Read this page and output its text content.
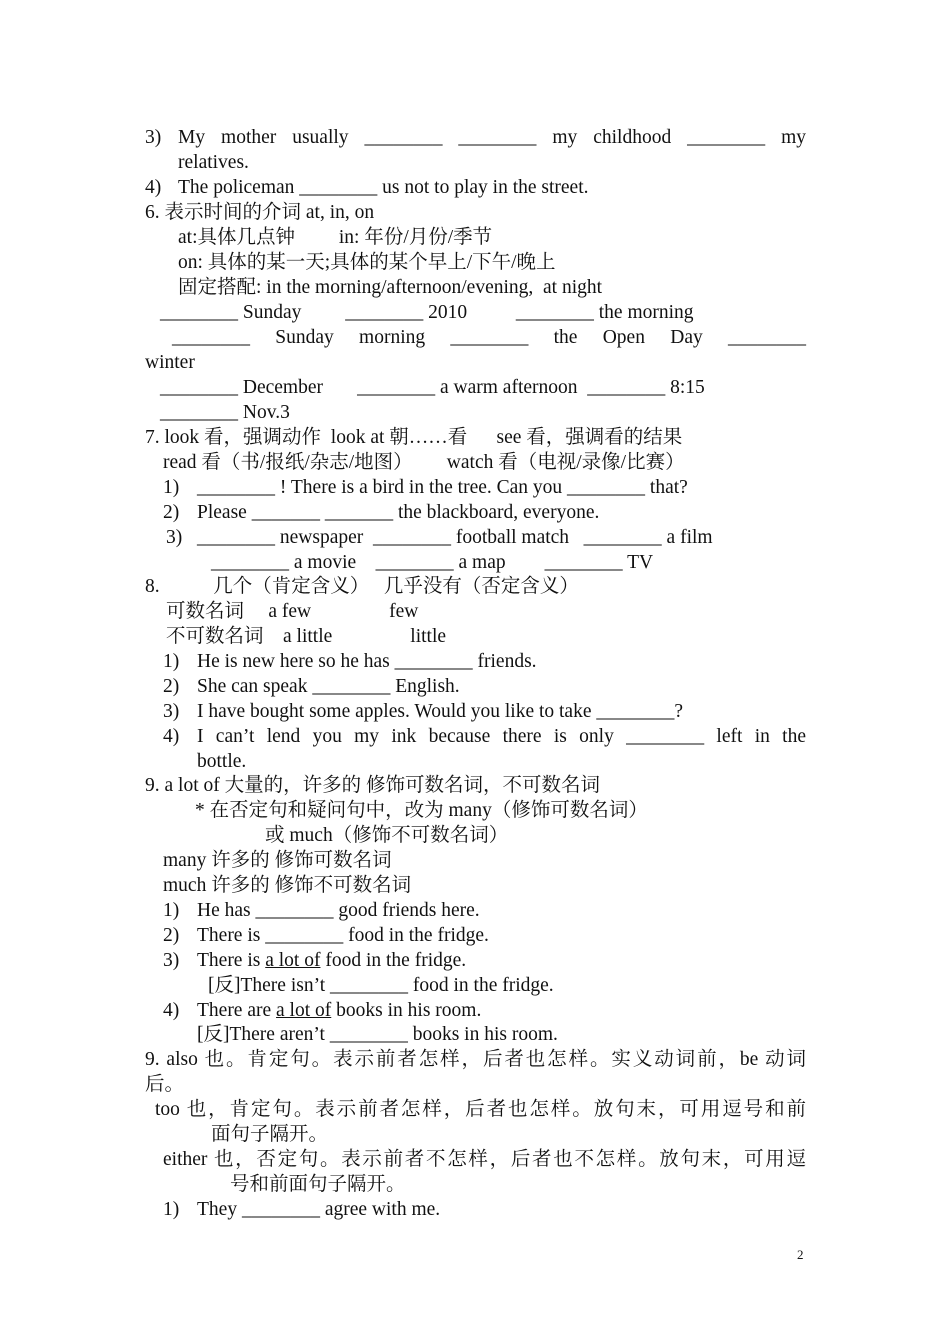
3) My mother usually ________ ________ my childhood ________ my
relatives.
4) The policeman ________ us not to play in the street.
6. 表示时间的介词 at, in, on
at:具体几点钟         in: 年份/月份/季节
on: 具体的某一天;具体的某个早上/下午/晚上
固定搭配: in the morning/afternoon/evening,  at night
________ Sunday         ________ 2010          ________ the morning
________ Sunday morning ________ the Open Day ________
winter
________ December       ________ a warm afternoon  ________ 8:15
________ Nov.3
7. look 看，强调动作  look at 朝……看      see 看，强调看的结果
read 看（书/报纸/杂志/地图）       watch 看（电视/录像/比赛）
1) ________ ! There is a bird in the tree. Can you ________ that?
2) Please _______ _______ the blackboard, everyone.
3) ________ newspaper  ________ football match   ________ a film
________ a movie    ________ a map        ________ TV
8.           几个（肯定含义）   几乎没有（否定含义）
可数名词     a few                few
不可数名词    a little                little
1) He is new here so he has ________ friends.
2) She can speak ________ English.
3) I have bought some apples. Would you like to take ________?
4) I can’t lend you my ink because there is only ________ left in the
bottle.
9. a lot of 大量的，许多的 修饰可数名词，不可数名词
* 在否定句和疑问句中，改为 many（修饰可数名词）
或 much（修饰不可数名词）
many 许多的 修饰可数名词
much 许多的 修饰不可数名词
1) He has ________ good friends here.
2) There is ________ food in the fridge.
3) There is a lot of food in the fridge.
[反]There isn’t ________ food in the fridge.
4) There are a lot of books in his room.
[反]There aren’t ________ books in his room.
9. also 也。肯定句。表示前者怎样，后者也怎样。实义动词前，be 动词
后。
too 也，肯定句。表示前者怎样，后者也怎样。放句末，可用逗号和前
面句子隔开。
either 也，否定句。表示前者不怎样，后者也不怎样。放句末，可用逗
号和前面句子隔开。
1) They ________ agree with me.
2
